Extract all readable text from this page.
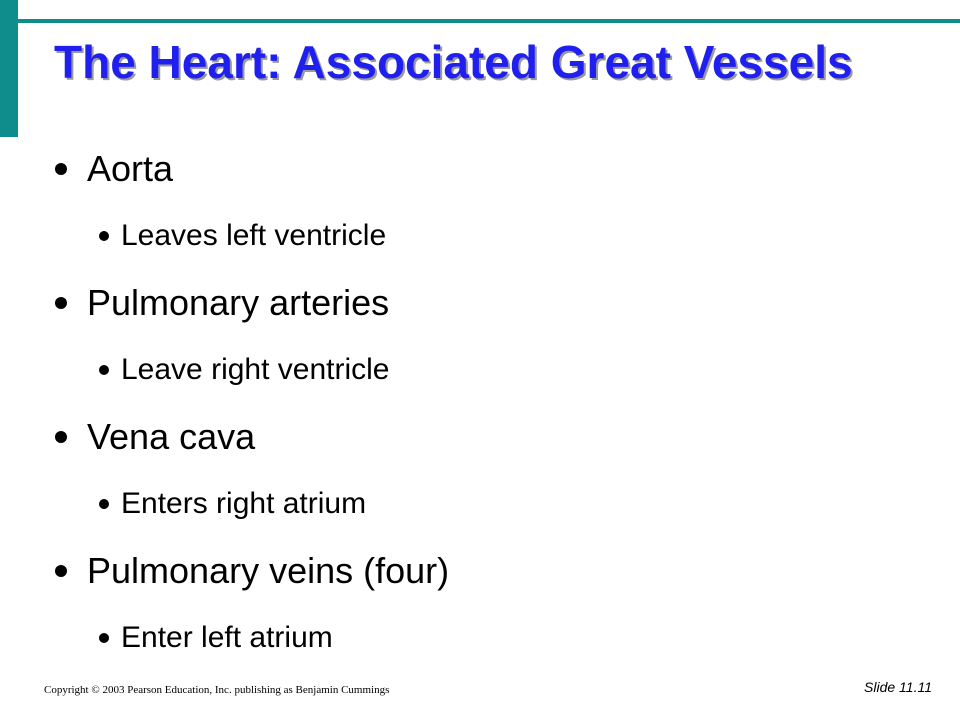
The Heart: Associated Great Vessels
Aorta
Leaves left ventricle
Pulmonary arteries
Leave right ventricle
Vena cava
Enters right atrium
Pulmonary veins (four)
Enter left atrium
Copyright © 2003 Pearson Education, Inc. publishing as Benjamin Cummings	Slide 11.11
